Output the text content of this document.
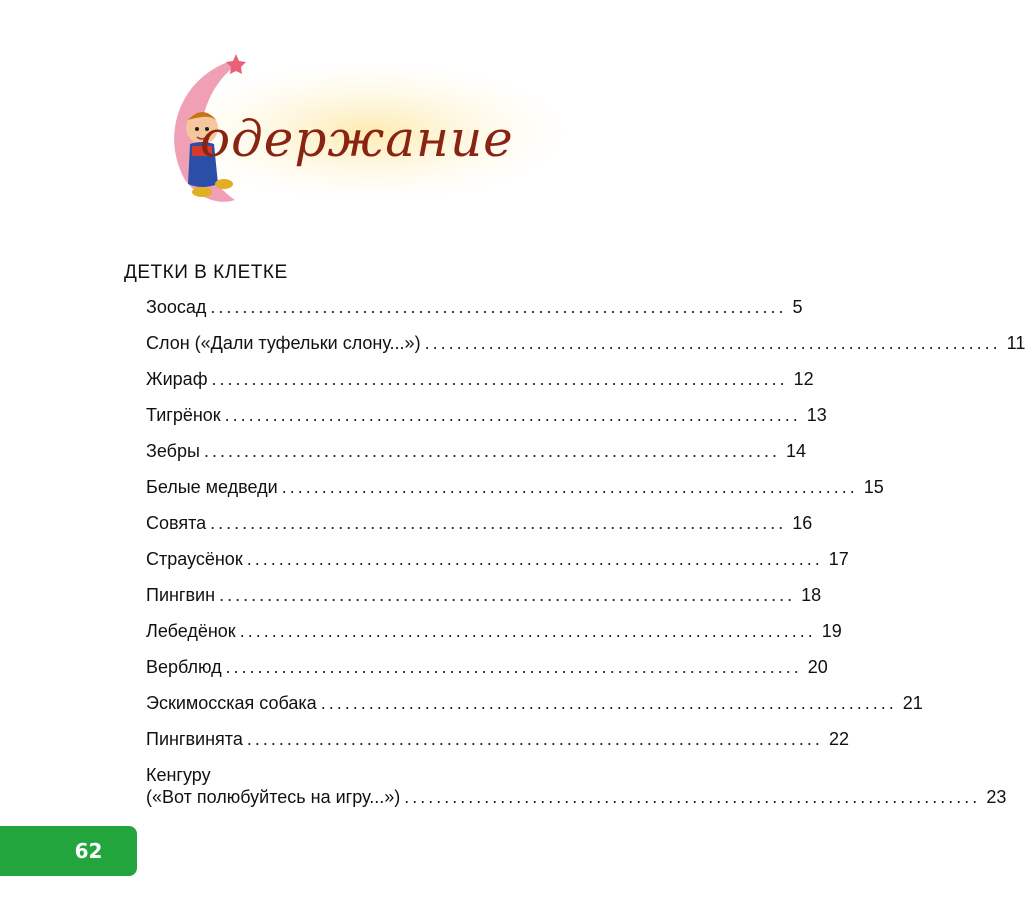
одержание
ДЕТКИ В КЛЕТКЕ
Зоосад ........................................................................ 5
Слон («Дали туфельки слону...») ........................................................................ 11
Жираф ........................................................................ 12
Тигрёнок ........................................................................ 13
Зебры ........................................................................ 14
Белые медведи ........................................................................ 15
Совята ........................................................................ 16
Страусёнок ........................................................................ 17
Пингвин ........................................................................ 18
Лебедёнок ........................................................................ 19
Верблюд ........................................................................ 20
Эскимосская собака ........................................................................ 21
Пингвинята ........................................................................ 22
Кенгуру
(«Вот полюбуйтесь на игру...») ........................................................................ 23
62
